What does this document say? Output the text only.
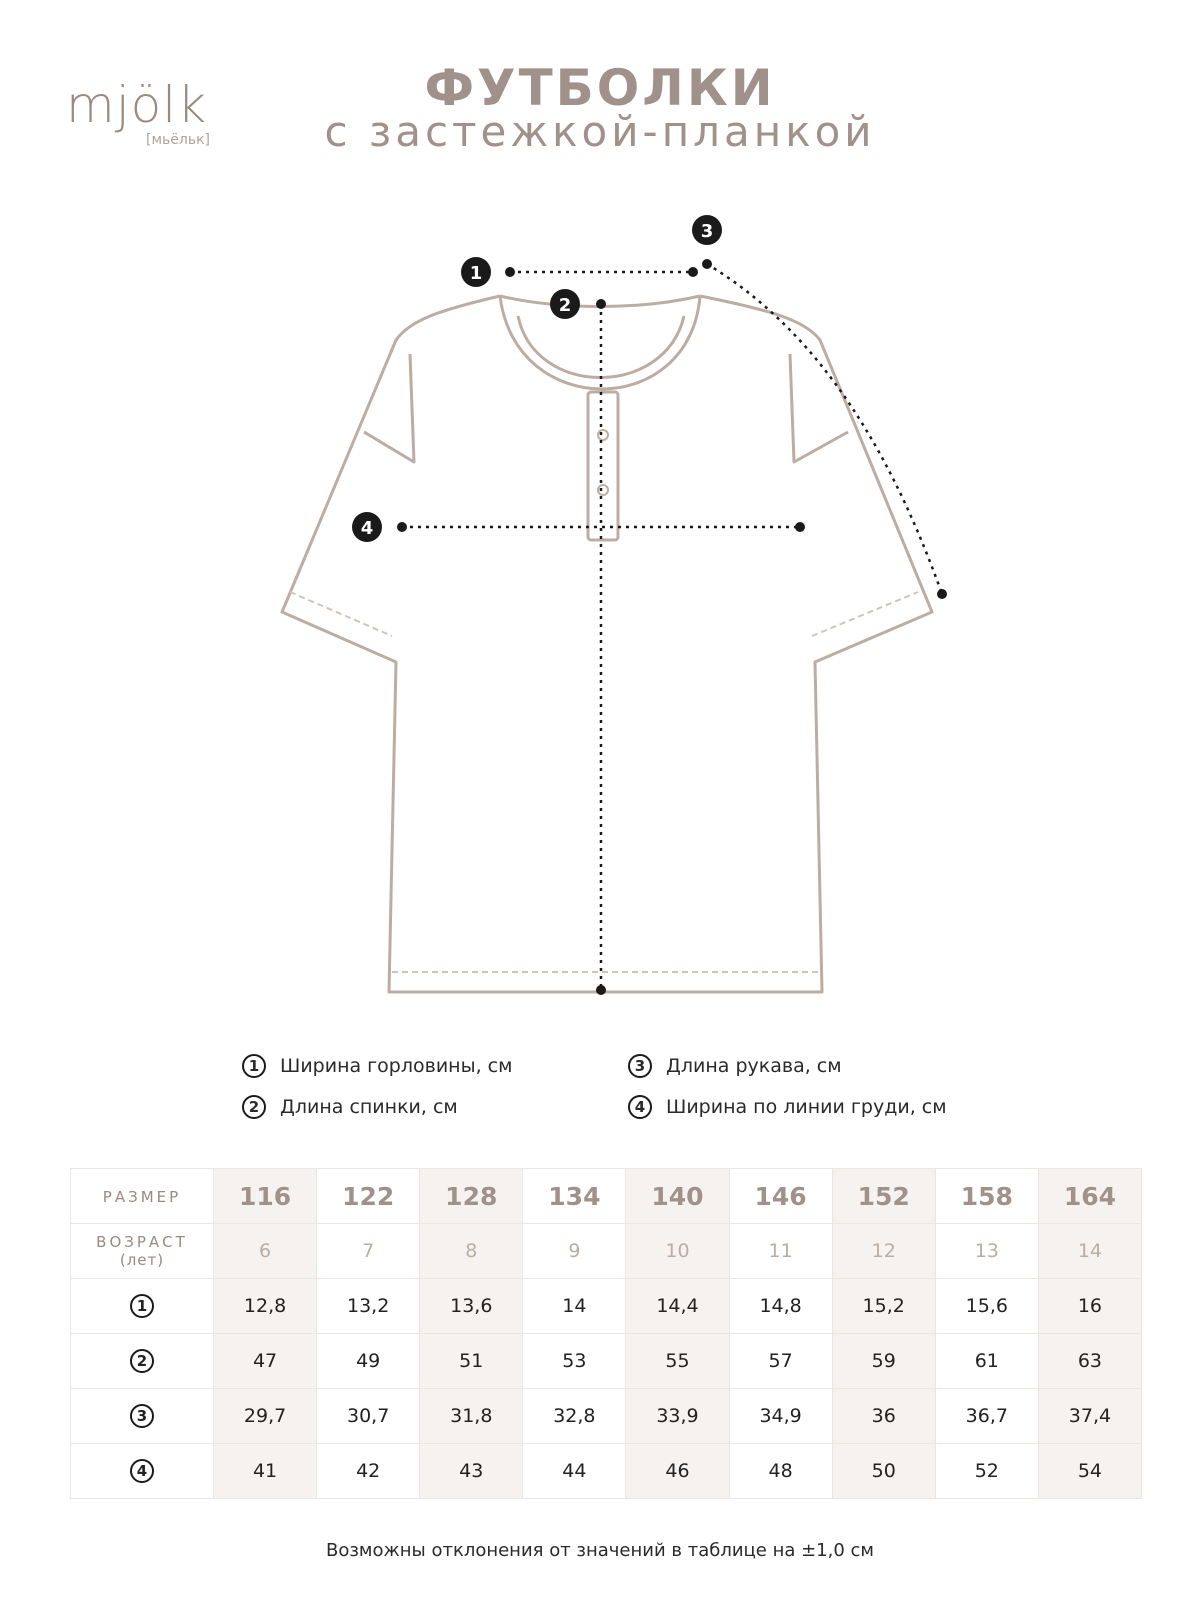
mjölk
[мьёльк]
ФУТБОЛКИ
с застежкой-планкой
1
2
3
4
1	Ширина горловины, см
2	Длина спинки, см
3	Длина рукава, см
4	Ширина по линии груди, см
РАЗМЕР	116	122	128	134	140	146	152	158	164

ВОЗРАСТ
(лет)	6	7	8	9	10	11	12	13	14
1	12,8	13,2	13,6	14	14,4	14,8	15,2	15,6	16
2	47	49	51	53	55	57	59	61	63
3	29,7	30,7	31,8	32,8	33,9	34,9	36	36,7	37,4
4	41	42	43	44	46	48	50	52	54
Возможны отклонения от значений в таблице на ±1,0 см
